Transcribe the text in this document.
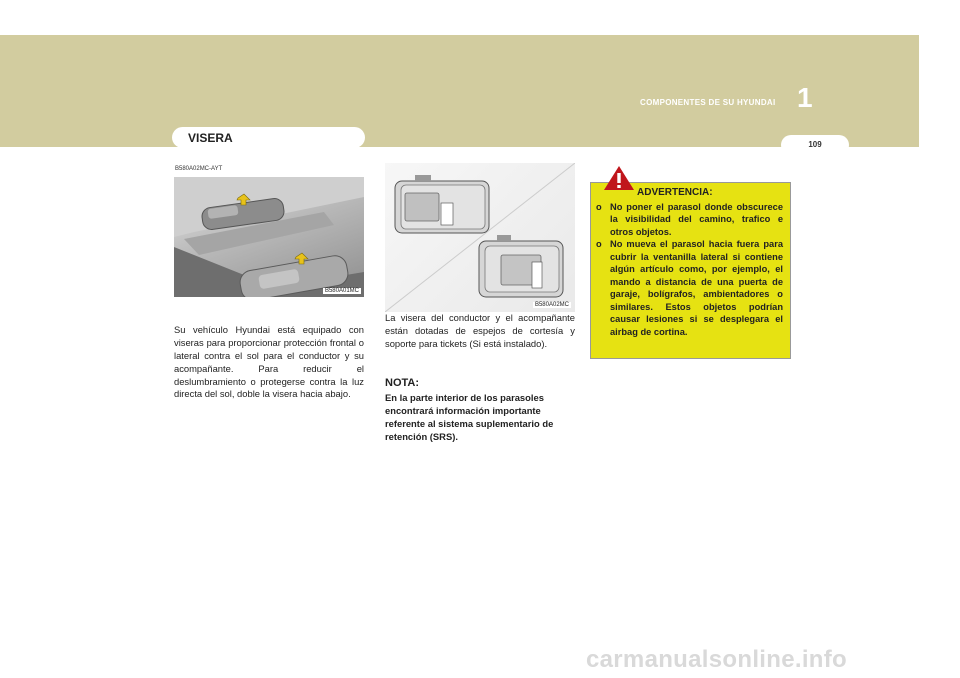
COMPONENTES DE SU HYUNDAI 1
109
VISERA
B580A02MC-AYT
B580A01MC
B580A02MC
Su vehículo Hyundai está equipado con viseras para proporcionar protección frontal o lateral contra el sol para el conductor y su acompañante. Para reducir el deslumbramiento o protegerse contra la luz directa del sol, doble la visera hacia abajo.
La visera del conductor y el acompañante están dotadas de espejos de cortesía y soporte para tickets (Si está instalado).
NOTA:
En la parte interior de los parasoles encontrará información importante referente al sistema suplementario de retención (SRS).
ADVERTENCIA:
o No poner el parasol donde obscurece la visibilidad del camino, trafico e otros objetos.
o No mueva el parasol hacia fuera para cubrir la ventanilla lateral si contiene algún artículo como, por ejemplo, el mando a distancia de una puerta de garaje, bolígrafos, ambientadores o similares. Estos objetos podrían causar lesiones si se desplegara el airbag de cortina.
carmanualsonline.info
